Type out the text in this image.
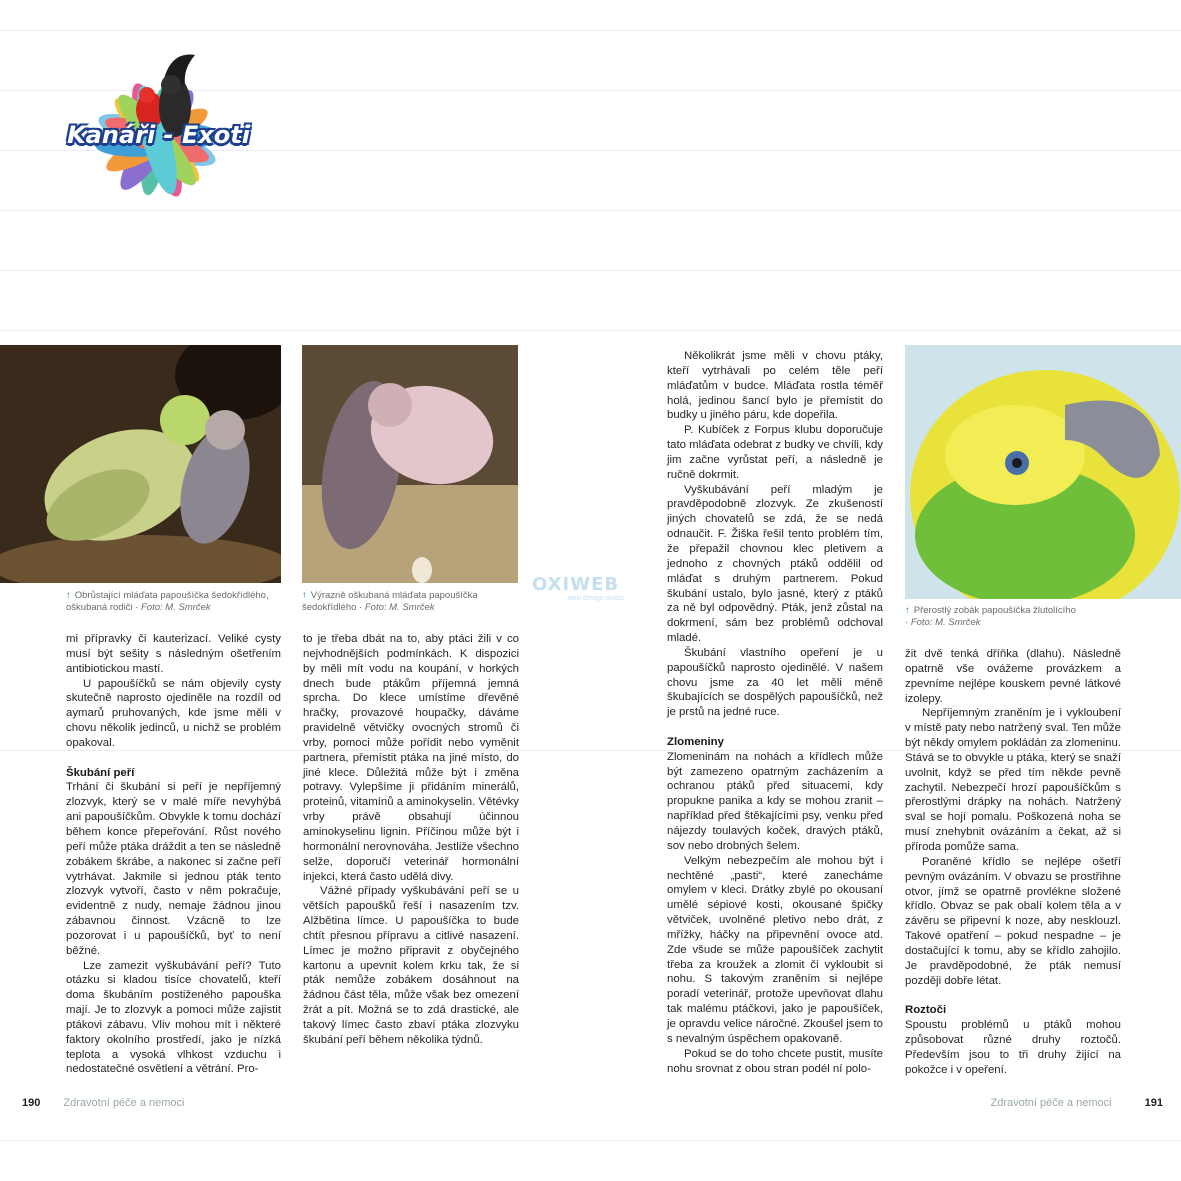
Kanáři - Exoti
↑ Obrůstající mláďata papoušíčka šedokřídlého, oškubaná rodiči · Foto: M. Smrček
↑ Výrazně oškubaná mláďata papoušíčka šedokřídlého · Foto: M. Smrček	↑ Přerostlý zobák papoušíčka žlutolícího
· Foto: M. Smrček
OXIWEB
web design studio

mi přípravky či kauterizací. Veliké cysty musí být sešity s následným ošetřením antibiotickou mastí.

U papoušíčků se nám objevily cysty skutečně naprosto ojediněle na rozdíl od aymarů pruhovaných, kde jsme měli v chovu několik jedinců, u nichž se problém opakoval.

Škubání peří

Trhání či škubání si peří je nepříjemný zlozvyk, který se v malé míře nevyhýbá ani papoušíčkům. Obvykle k tomu dochází během konce přepeřování. Růst nového peří může ptáka dráždit a ten se následně zobákem škrábe, a nakonec si začne peří vytrhávat. Jakmile si jednou pták tento zlozvyk vytvoří, často v něm pokračuje, evidentně z nudy, nemaje žádnou jinou zábavnou činnost. Vzácně to lze pozorovat i u papoušíčků, byť to není běžné.

Lze zamezit vyškubávání peří? Tuto otázku si kladou tisíce chovatelů, kteří doma škubáním postiženého papouška mají. Je to zlozvyk a pomoci může zajistit ptákovi zábavu. Vliv mohou mít i některé faktory okolního prostředí, jako je nízká teplota a vysoká vlhkost vzduchu i nedostatečné osvětlení a větrání. Pro-

to je třeba dbát na to, aby ptáci žili v co nejvhodnějších podmínkách. K dispozici by měli mít vodu na koupání, v horkých dnech bude ptákům příjemná jemná sprcha. Do klece umístíme dřevěné hračky, provazové houpačky, dáváme pravidelně větvičky ovocných stromů či vrby, pomoci může pořídit nebo vyměnit partnera, přemístit ptáka na jiné místo, do jiné klece. Důležitá může být i změna potravy. Vylepšíme ji přidáním minerálů, proteinů, vitamínů a aminokyselin. Větévky vrby právě obsahují účinnou aminokyselinu lignin. Příčinou může být i hormonální nerovnováha. Jestliže všechno selže, doporučí veterinář hormonální injekci, která často udělá divy.

Vážné případy vyškubávání peří se u větších papoušků řeší i nasazením tzv. Alžbětina límce. U papoušíčka to bude chtít přesnou přípravu a citlivé nasazení. Límec je možno připravit z obyčejného kartonu a upevnit kolem krku tak, že si pták nemůže zobákem dosáhnout na žádnou část těla, může však bez omezení žrát a pít. Možná se to zdá drastické, ale takový límec často zbaví ptáka zlozvyku škubání peří během několika týdnů.

Několikrát jsme měli v chovu ptáky, kteří vytrhávali po celém těle peří mláďatům v budce. Mláďata rostla téměř holá, jedinou šancí bylo je přemístit do budky u jiného páru, kde dopeřila.

P. Kubíček z Forpus klubu doporučuje tato mláďata odebrat z budky ve chvíli, kdy jim začne vyrůstat peří, a následně je ručně dokrmit.

Vyškubávání peří mladým je pravděpodobně zlozvyk. Ze zkušeností jiných chovatelů se zdá, že se nedá odnaučit. F. Žiška řešil tento problém tím, že přepažil chovnou klec pletivem a jednoho z chovných ptáků oddělil od mláďat s druhým partnerem. Pokud škubání ustalo, bylo jasné, který z ptáků za ně byl odpovědný. Pták, jenž zůstal na dokrmení, sám bez problémů odchoval mladé.

Škubání vlastního opeření je u papoušíčků naprosto ojedinělé. V našem chovu jsme za 40 let měli méně škubajících se dospělých papoušíčků, než je prstů na jedné ruce.

Zlomeniny

Zlomeninám na nohách a křídlech může být zamezeno opatrným zacházením a ochranou ptáků před situacemi, kdy propukne panika a kdy se mohou zranit – například před štěkajícími psy, venku před nájezdy toulavých koček, dravých ptáků, sov nebo drobných šelem.

Velkým nebezpečím ale mohou být i nechtěné „pasti“, které zanecháme omylem v kleci. Drátky zbylé po okousaní umělé sépiové kosti, okousané špičky větviček, uvolněné pletivo nebo drát, z mřížky, háčky na připevnění ovoce atd. Zde všude se může papoušíček zachytit třeba za kroužek a zlomit či vykloubit si nohu. S takovým zraněním si nejlépe poradí veterinář, protože upevňovat dlahu tak malému ptáčkovi, jako je papoušíček, je opravdu velice náročné. Zkoušel jsem to s nevalným úspěchem opakovaně.

Pokud se do toho chcete pustit, musíte nohu srovnat z obou stran podél ní polo-

žit dvě tenká dříňka (dlahu). Následně opatrně vše ovážeme provázkem a zpevníme nejlépe kouskem pevné látkové izolepy.

Nepříjemným zraněním je i vykloubení v místě paty nebo natržený sval. Ten může být někdy omylem pokládán za zlomeninu. Stává se to obvykle u ptáka, který se snaží uvolnit, když se před tím někde pevně zachytil. Nebezpečí hrozí papoušíčkům s přerostlými drápky na nohách. Natržený sval se hojí pomalu. Poškozená noha se musí znehybnit ovázáním a čekat, až si příroda pomůže sama.

Poraněné křídlo se nejlépe ošetří pevným ovázáním. V obvazu se prostřihne otvor, jímž se opatrně provlékne složené křídlo. Obvaz se pak obalí kolem těla a v závěru se připevní k noze, aby nesklouzl. Takové opatření – pokud nespadne – je dostačující k tomu, aby se křídlo zahojilo. Je pravděpodobné, že pták nemusí později dobře létat.

Roztoči

Spoustu problémů u ptáků mohou způsobovat různé druhy roztočů. Především jsou to tři druhy žijící na pokožce i v opeření.

190 Zdravotní péče a nemoci	Zdravotní péče a nemoci	191
